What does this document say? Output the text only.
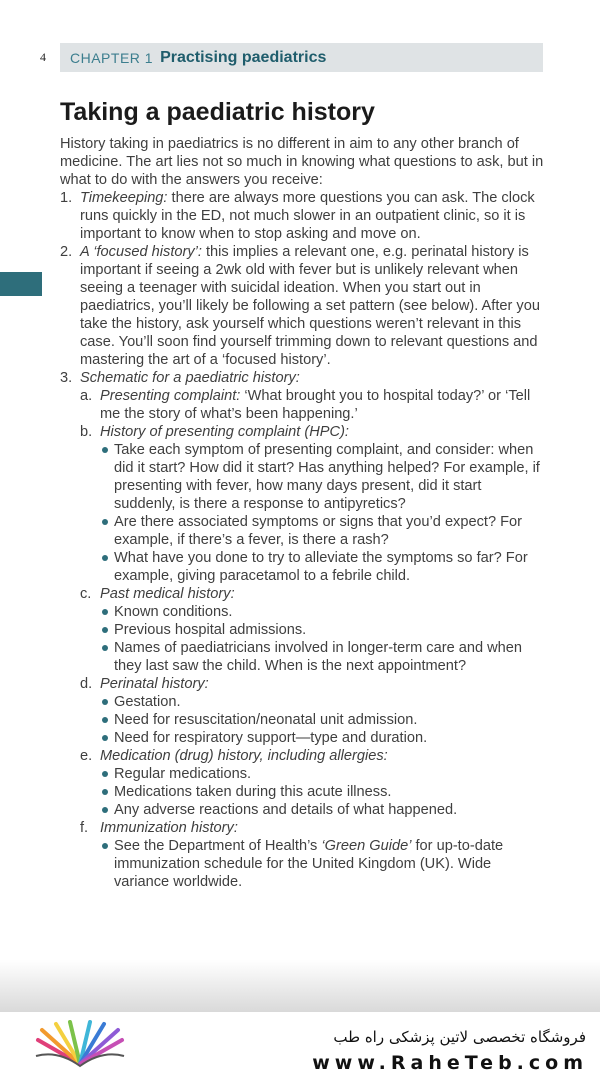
4 CHAPTER 1 Practising paediatrics
Taking a paediatric history

History taking in paediatrics is no different in aim to any other branch of medicine. The art lies not so much in knowing what questions to ask, but in what to do with the answers you receive:

1. Timekeeping: there are always more questions you can ask. The clock runs quickly in the ED, not much slower in an outpatient clinic, so it is important to know when to stop asking and move on.
2. A ‘focused history’: this implies a relevant one, e.g. perinatal history is important if seeing a 2wk old with fever but is unlikely relevant when seeing a teenager with suicidal ideation. When you start out in paediatrics, you’ll likely be following a set pattern (see below). After you take the history, ask yourself which questions weren’t relevant in this case. You’ll soon find yourself trimming down to relevant questions and mastering the art of a ‘focused history’.
3. Schematic for a paediatric history:
a. Presenting complaint: ‘What brought you to hospital today?’ or ‘Tell me the story of what’s been happening.’
b. History of presenting complaint (HPC):
Take each symptom of presenting complaint, and consider: when did it start? How did it start? Has anything helped? For example, if presenting with fever, how many days present, did it start suddenly, is there a response to antipyretics?
Are there associated symptoms or signs that you’d expect? For example, if there’s a fever, is there a rash?
What have you done to try to alleviate the symptoms so far? For example, giving paracetamol to a febrile child.
c. Past medical history:
Known conditions.
Previous hospital admissions.
Names of paediatricians involved in longer-term care and when they last saw the child. When is the next appointment?
d. Perinatal history:
Gestation.
Need for resuscitation/neonatal unit admission.
Need for respiratory support—type and duration.
e. Medication (drug) history, including allergies:
Regular medications.
Medications taken during this acute illness.
Any adverse reactions and details of what happened.
f. Immunization history:
See the Department of Health’s ‘Green Guide’ for up-to-date immunization schedule for the United Kingdom (UK). Wide variance worldwide.
فروشگاه تخصصی لاتین پزشکی راه طب
www.RaheTeb.com
